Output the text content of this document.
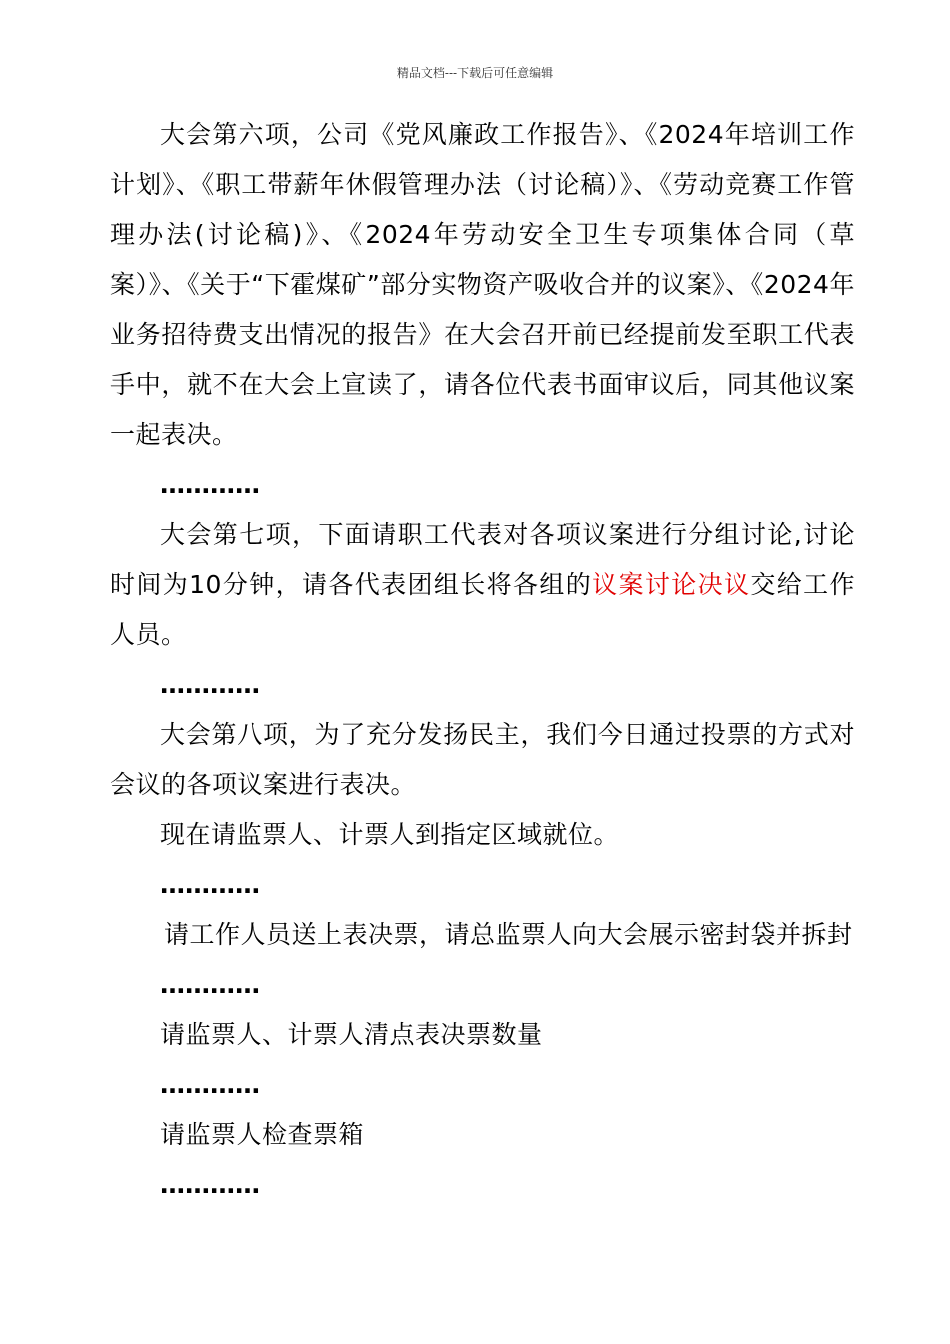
精品文档---下载后可任意编辑

大会第六项，公司《党风廉政工作报告》、《2024年培训工作计划》、《职工带薪年休假管理办法（讨论稿）》、《劳动竞赛工作管理办法(讨论稿)》、《2024年劳动安全卫生专项集体合同（草案）》、《关于“下霍煤矿”部分实物资产吸收合并的议案》、《2024年业务招待费支出情况的报告》在大会召开前已经提前发至职工代表手中，就不在大会上宣读了，请各位代表书面审议后，同其他议案一起表决。

…………

大会第七项，下面请职工代表对各项议案进行分组讨论,讨论时间为10分钟，请各代表团组长将各组的议案讨论决议交给工作人员。

…………

大会第八项，为了充分发扬民主，我们今日通过投票的方式对会议的各项议案进行表决。

现在请监票人、计票人到指定区域就位。

…………

请工作人员送上表决票，请总监票人向大会展示密封袋并拆封

…………

请监票人、计票人清点表决票数量

…………

请监票人检查票箱

…………
